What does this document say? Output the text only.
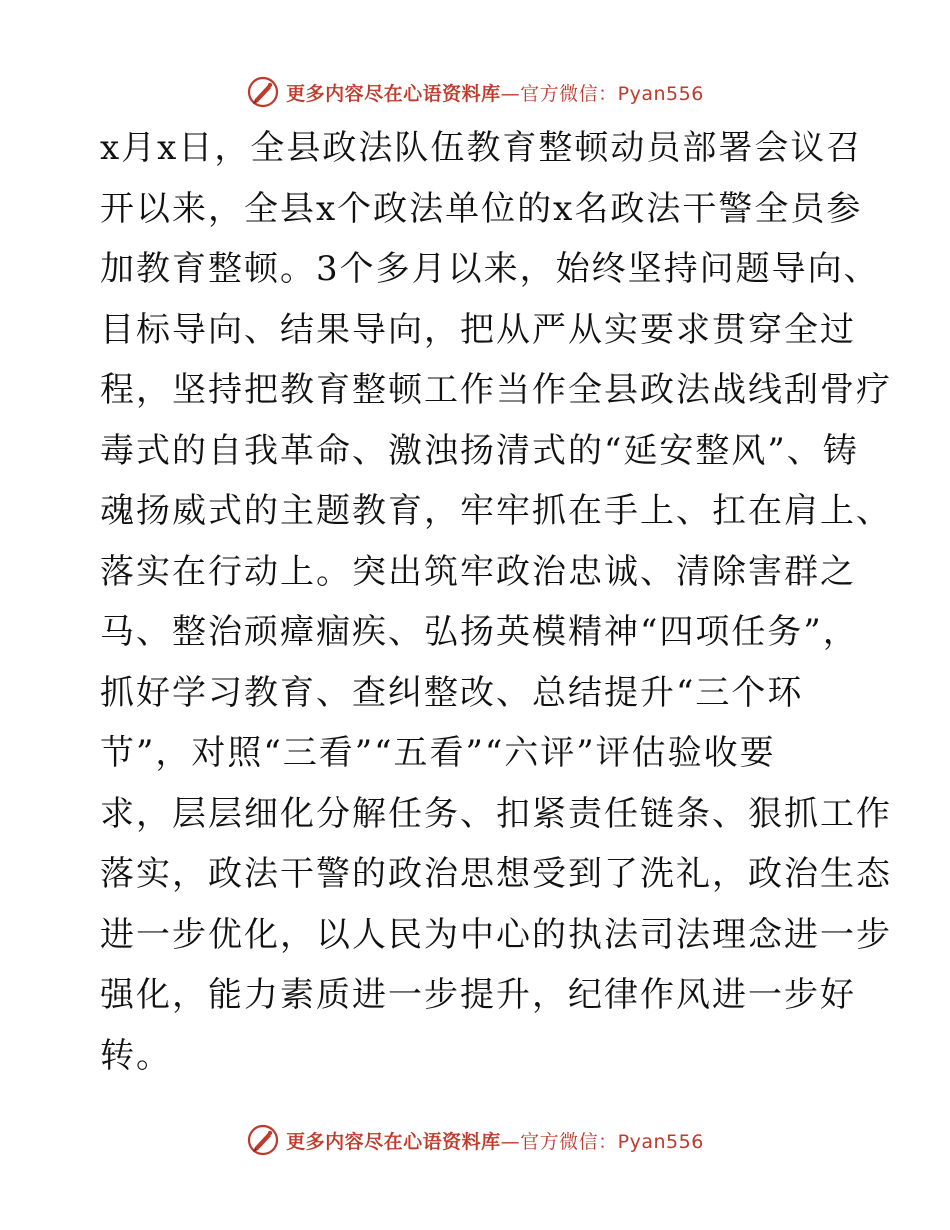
更多内容尽在心语资料库—官方微信：Pyan556
x月x日，全县政法队伍教育整顿动员部署会议召
开以来，全县x个政法单位的x名政法干警全员参
加教育整顿。3个多月以来，始终坚持问题导向、
目标导向、结果导向，把从严从实要求贯穿全过
程，坚持把教育整顿工作当作全县政法战线刮骨疗
毒式的自我革命、激浊扬清式的“延安整风”、铸
魂扬威式的主题教育，牢牢抓在手上、扛在肩上、
落实在行动上。突出筑牢政治忠诚、清除害群之
马、整治顽瘴痼疾、弘扬英模精神“四项任务”，
抓好学习教育、查纠整改、总结提升“三个环
节”，对照“三看”“五看”“六评”评估验收要
求，层层细化分解任务、扣紧责任链条、狠抓工作
落实，政法干警的政治思想受到了洗礼，政治生态
进一步优化，以人民为中心的执法司法理念进一步
强化，能力素质进一步提升，纪律作风进一步好
转。
更多内容尽在心语资料库—官方微信：Pyan556
